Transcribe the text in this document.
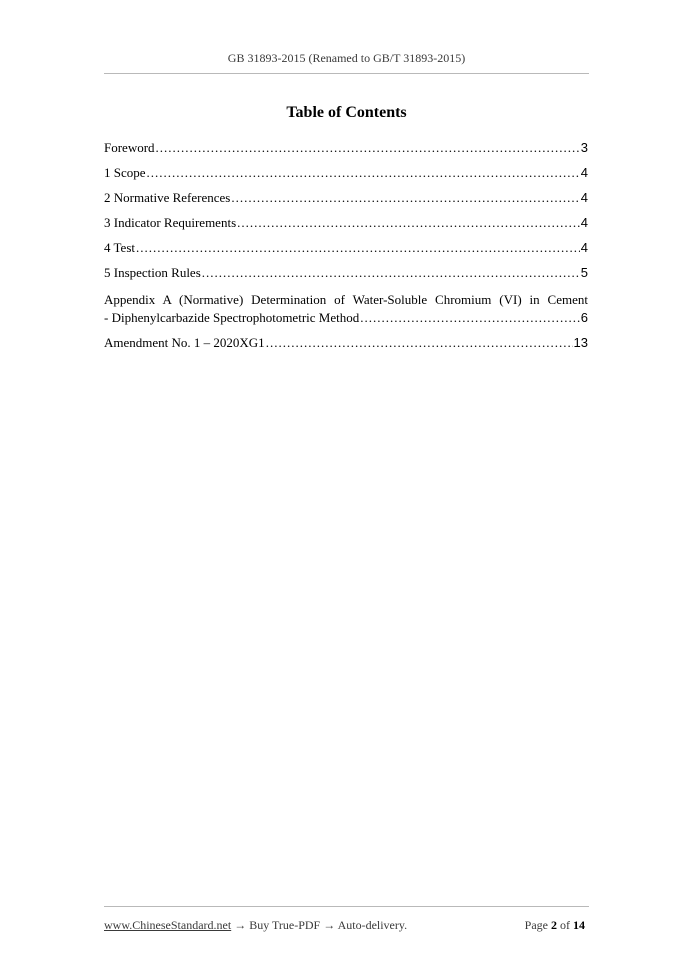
GB 31893-2015 (Renamed to GB/T 31893-2015)
Table of Contents
Foreword .....	3
1 Scope .....	4
2 Normative References .....	4
3 Indicator Requirements .....	4
4 Test .....	4
5 Inspection Rules .....	5
Appendix A (Normative) Determination of Water-Soluble Chromium (VI) in Cement
- Diphenylcarbazide Spectrophotometric Method .....	6
Amendment No. 1 – 2020XG1 .....	13
www.ChineseStandard.net → Buy True-PDF → Auto-delivery.	Page 2 of 14
